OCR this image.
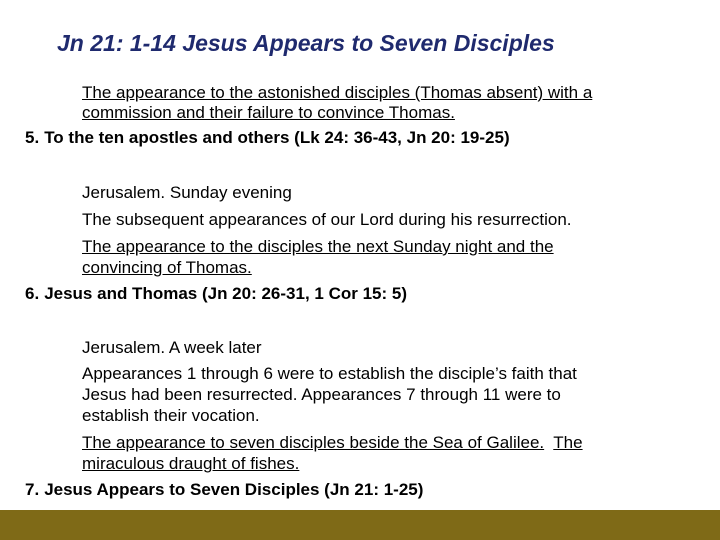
Jn 21: 1-14 Jesus Appears to Seven Disciples
The appearance to the astonished disciples (Thomas absent) with a
commission and their failure to convince Thomas.
5. To the ten apostles and others (Lk 24: 36-43, Jn 20: 19-25)
Jerusalem. Sunday evening
The subsequent appearances of our Lord during his resurrection.
The appearance to the disciples the next Sunday night and the
convincing of Thomas.
6. Jesus and Thomas (Jn 20: 26-31, 1 Cor 15: 5)
Jerusalem. A week later
Appearances 1 through 6 were to establish the disciple’s faith that
Jesus had been resurrected. Appearances 7 through 11 were to
establish their vocation.
The appearance to seven disciples beside the Sea of Galilee. The
miraculous draught of fishes.
7. Jesus Appears to Seven Disciples (Jn 21: 1-25)
